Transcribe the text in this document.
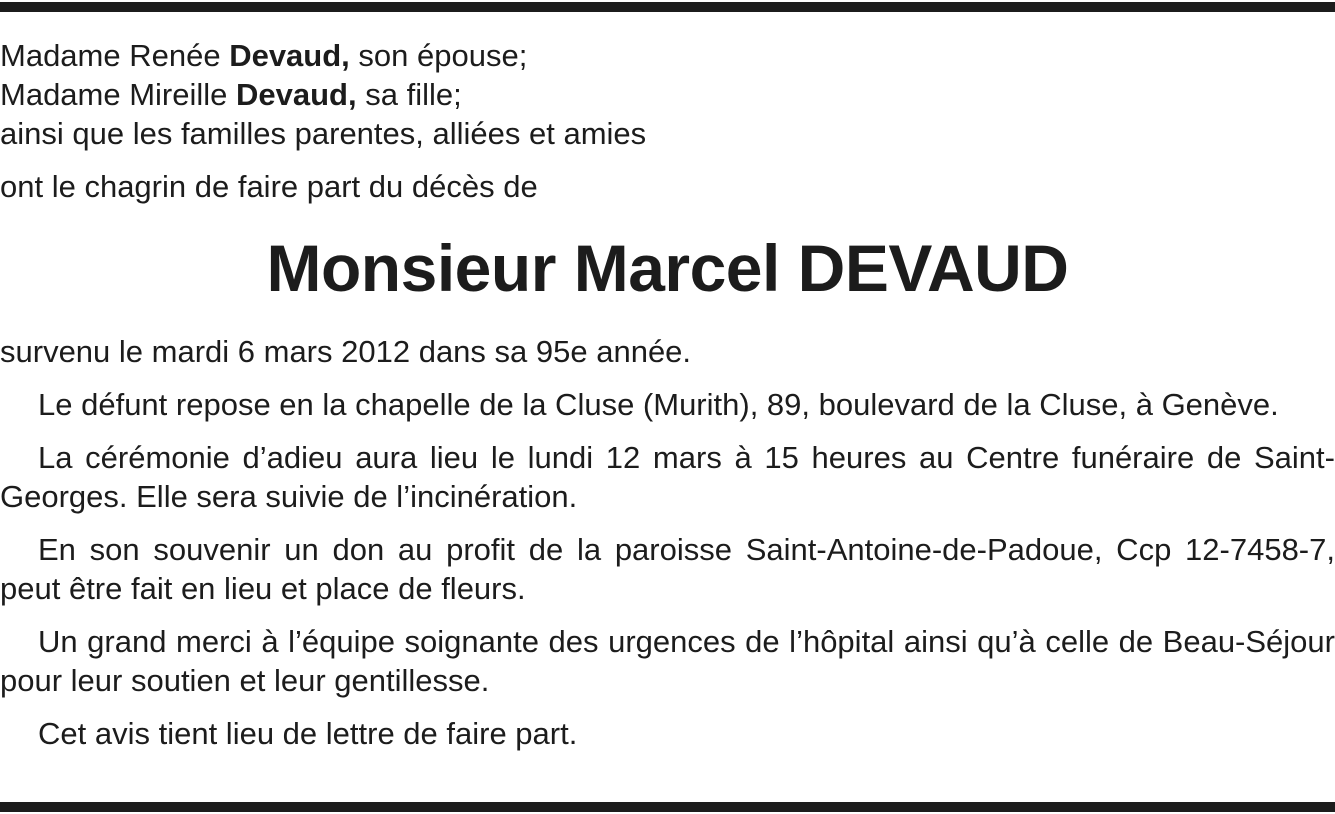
Madame Renée Devaud, son épouse;

Madame Mireille Devaud, sa fille;

ainsi que les familles parentes, alliées et amies

ont le chagrin de faire part du décès de

Monsieur Marcel DEVAUD

survenu le mardi 6 mars 2012 dans sa 95e année.

Le défunt repose en la chapelle de la Cluse (Murith), 89, boulevard de la Cluse, à Genève.

La cérémonie d’adieu aura lieu le lundi 12 mars à 15 heures au Centre funéraire de Saint-Georges. Elle sera suivie de l’incinération.

En son souvenir un don au profit de la paroisse Saint-Antoine-de-Padoue, Ccp 12-7458-7, peut être fait en lieu et place de fleurs.

Un grand merci à l’équipe soignante des urgences de l’hôpital ainsi qu’à celle de Beau-Séjour pour leur soutien et leur gentillesse.

Cet avis tient lieu de lettre de faire part.
